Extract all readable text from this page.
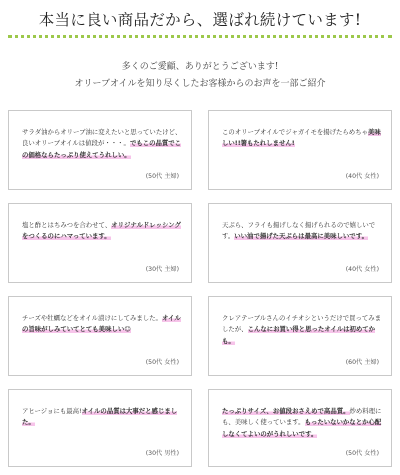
本当に良い商品だから、選ばれ続けています!
多くのご愛顧、ありがとうございます!
オリーブオイルを知り尽くしたお客様からのお声を一部ご紹介
サラダ油からオリーブ油に変えたいと思っていたけど、良いオリーブオイルは値段が・・・。でもこの品質でこの価格ならたっぷり使えてうれしい。
(50代 主婦)
このオリーブオイルでジャガイモを揚げたらめちゃ美味しい!!箸もたれしません!
(40代 女性)
塩と酢とはちみつを合わせて、オリジナルドレッシングをつくるのにハマっています。
(30代 主婦)
天ぷら、フライも揚げしなく揚げられるので嬉しいです。いい油で揚げた天ぷらは最高に美味しいです。
(40代 女性)
チーズや牡蠣などをオイル漬けにしてみました。オイルの旨味がしみていてとても美味しい☺
(50代 女性)
クレアテーブルさんのイチオシというだけで買ってみましたが、こんなにお買い得と思ったオイルは初めてかも。
(60代 主婦)
アヒージョにも最高!オイルの品質は大事だと感じました。
(30代 男性)
たっぷりサイズ、お値段おさえめで高品質。炒め料理にも、美味しく使っています。もったいないかなとか心配しなくてよいのがうれしいです。
(50代 女性)
